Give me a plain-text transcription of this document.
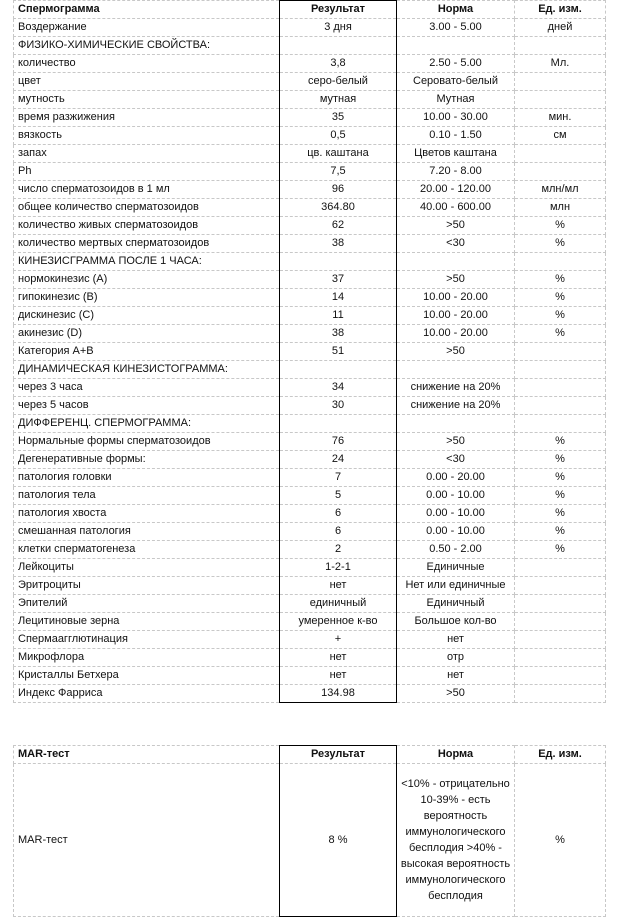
Спермограмма	Результат	Норма	Ед. изм.
Воздержание	3 дня	3.00 - 5.00	дней
ФИЗИКО-ХИМИЧЕСКИЕ СВОЙСТВА:			
количество	3,8	2.50 - 5.00	Мл.
цвет	серо-белый	Серовато-белый	
мутность	мутная	Мутная	
время разжижения	35	10.00 - 30.00	мин.
вязкость	0,5	0.10 - 1.50	см
запах	цв. каштана	Цветов каштана	
Ph	7,5	7.20 - 8.00	
число сперматозоидов в 1 мл	96	20.00 - 120.00	млн/мл
общее количество сперматозоидов	364.80	40.00 - 600.00	млн
количество живых сперматозоидов	62	>50	%
количество мертвых сперматозоидов	38	<30	%
КИНЕЗИСГРАММА ПОСЛЕ 1 ЧАСА:			
нормокинезис (A)	37	>50	%
гипокинезис (B)	14	10.00 - 20.00	%
дискинезис (C)	11	10.00 - 20.00	%
акинезис (D)	38	10.00 - 20.00	%
Категория A+B	51	>50	
ДИНАМИЧЕСКАЯ КИНЕЗИСТОГРАММА:			
через 3 часа	34	снижение на 20%	
через 5 часов	30	снижение на 20%	
ДИФФЕРЕНЦ. СПЕРМОГРАММА:			
Нормальные формы сперматозоидов	76	>50	%
Дегенеративные формы:	24	<30	%
патология головки	7	0.00 - 20.00	%
патология тела	5	0.00 - 10.00	%
патология хвоста	6	0.00 - 10.00	%
смешанная патология	6	0.00 - 10.00	%
клетки сперматогенеза	2	0.50 - 2.00	%
Лейкоциты	1-2-1	Единичные	
Эритроциты	нет	Нет или единичные	
Эпителий	единичный	Единичный	
Лецитиновые зерна	умеренное к-во	Большое кол-во	
Спермаагглютинация	+	нет	
Микрофлора	нет	отр	
Кристаллы Бетхера	нет	нет	
Индекс Фарриса	134.98	>50	
MAR-тест	Результат	Норма	Ед. изм.
MAR-тест	8 %	<10% - отрицательно 10-39% - есть вероятность иммунологического бесплодия >40% - высокая вероятность иммунологического бесплодия	%
